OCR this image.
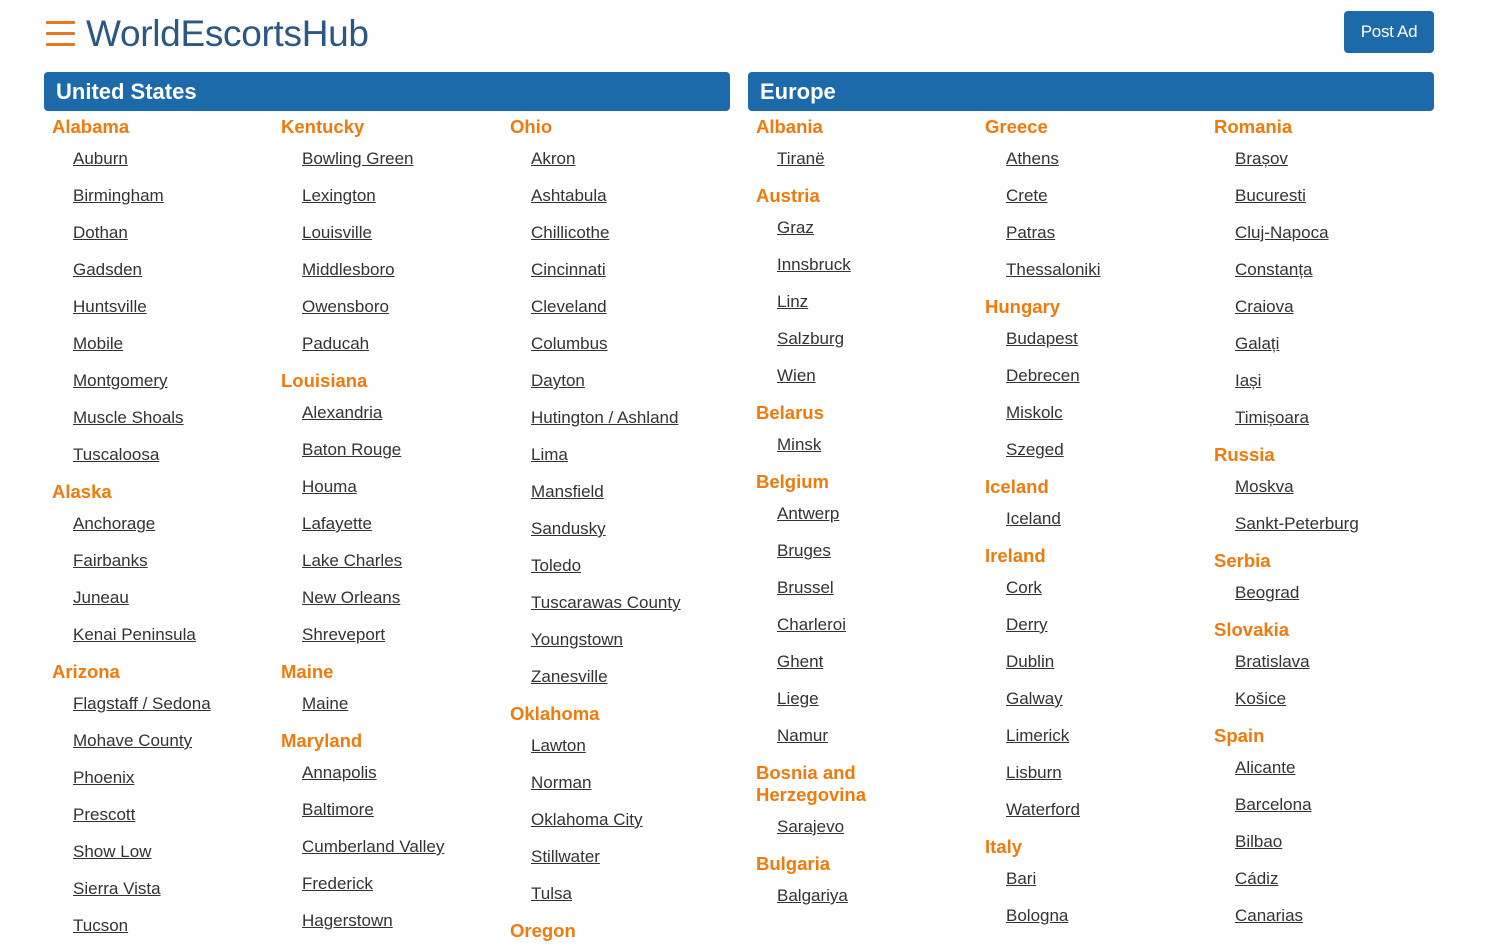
WorldEscortsHub	Post Ad
United States
Alabama
Auburn
Birmingham
Dothan
Gadsden
Huntsville
Mobile
Montgomery
Muscle Shoals
Tuscaloosa
Alaska
Anchorage
Fairbanks
Juneau
Kenai Peninsula
Arizona
Flagstaff / Sedona
Mohave County
Phoenix
Prescott
Show Low
Sierra Vista
Tucson
Kentucky
Bowling Green
Lexington
Louisville
Middlesboro
Owensboro
Paducah
Louisiana
Alexandria
Baton Rouge
Houma
Lafayette
Lake Charles
New Orleans
Shreveport
Maine
Maine
Maryland
Annapolis
Baltimore
Cumberland Valley
Frederick
Hagerstown
Ohio
Akron
Ashtabula
Chillicothe
Cincinnati
Cleveland
Columbus
Dayton
Hutington / Ashland
Lima
Mansfield
Sandusky
Toledo
Tuscarawas County
Youngstown
Zanesville
Oklahoma
Lawton
Norman
Oklahoma City
Stillwater
Tulsa
Oregon
Europe
Albania
Tiranë
Austria
Graz
Innsbruck
Linz
Salzburg
Wien
Belarus
Minsk
Belgium
Antwerp
Bruges
Brussel
Charleroi
Ghent
Liege
Namur
Bosnia and Herzegovina
Sarajevo
Bulgaria
Balgariya
Greece
Athens
Crete
Patras
Thessaloniki
Hungary
Budapest
Debrecen
Miskolc
Szeged
Iceland
Iceland
Ireland
Cork
Derry
Dublin
Galway
Limerick
Lisburn
Waterford
Italy
Bari
Bologna
Romania
Brașov
Bucuresti
Cluj-Napoca
Constanța
Craiova
Galați
Iași
Timișoara
Russia
Moskva
Sankt-Peterburg
Serbia
Beograd
Slovakia
Bratislava
Košice
Spain
Alicante
Barcelona
Bilbao
Cádiz
Canarias
